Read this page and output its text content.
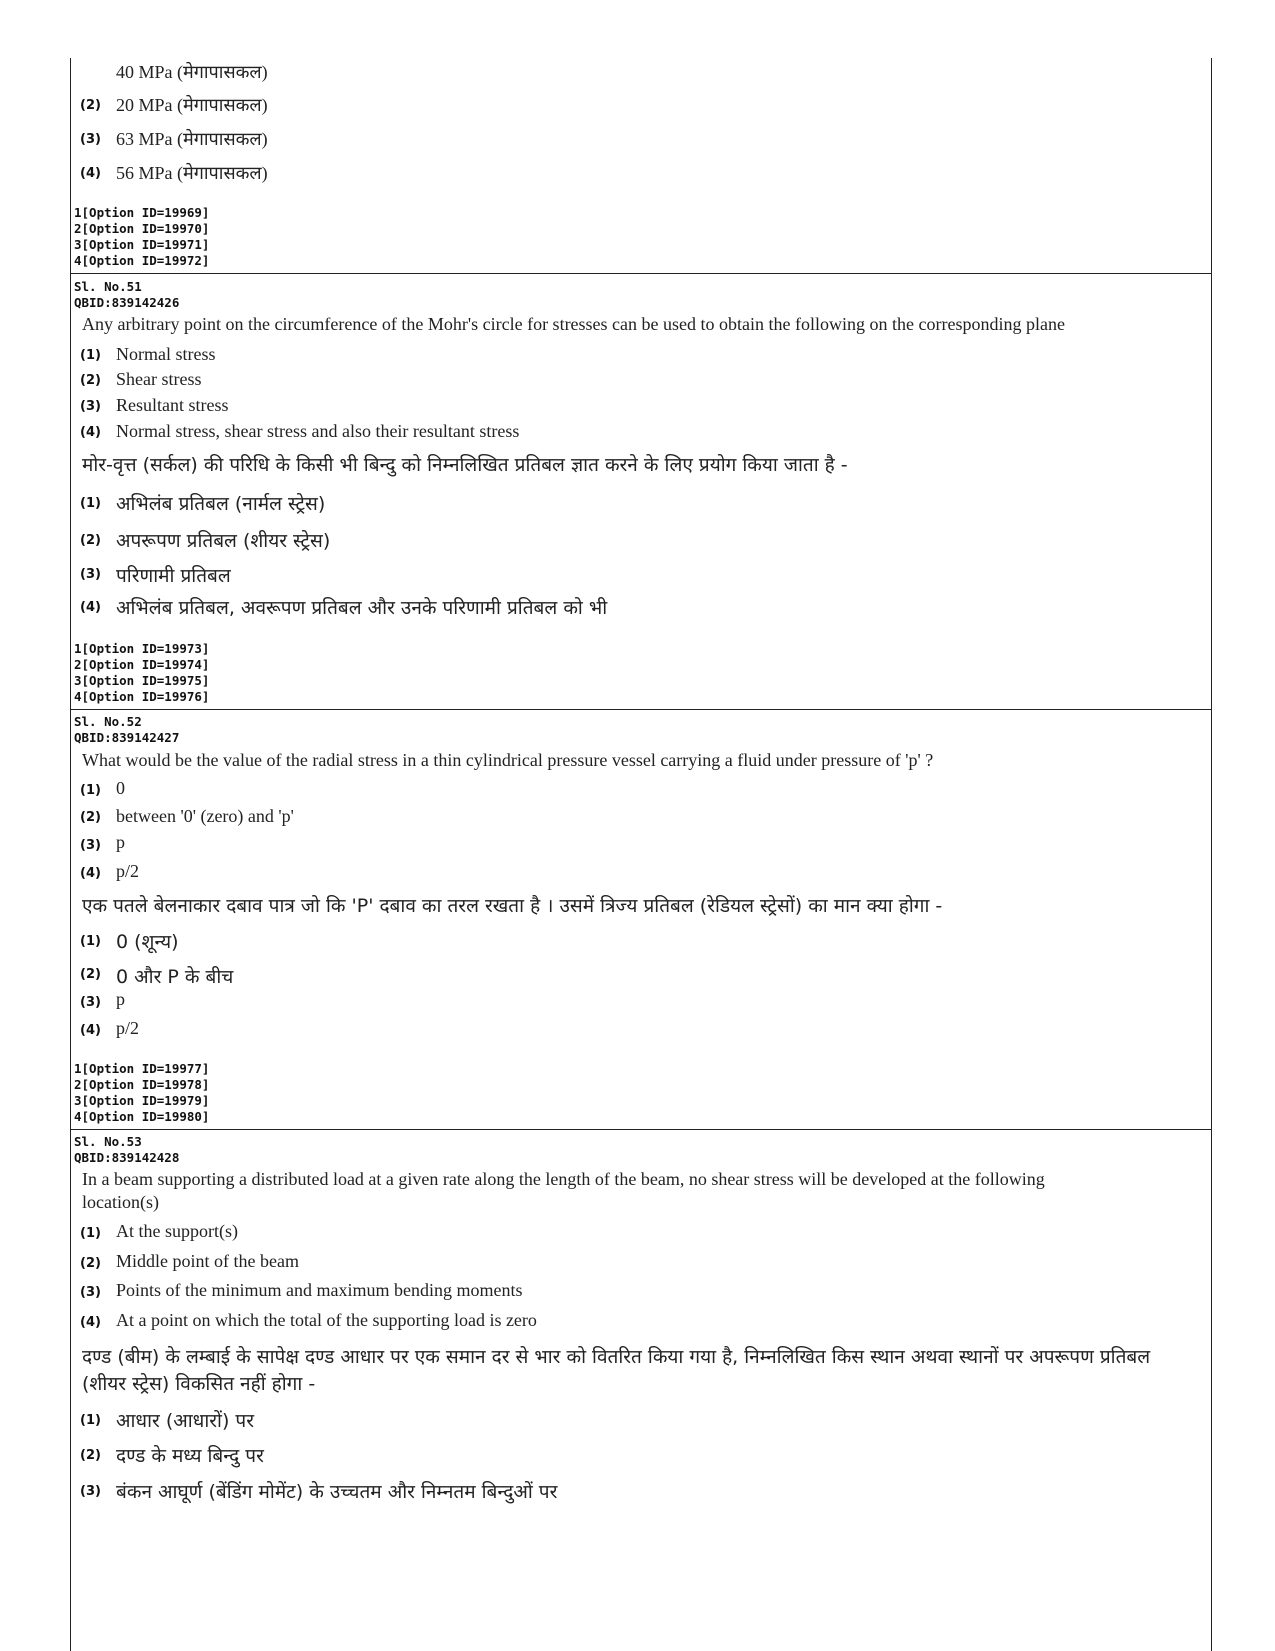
40 MPa (मेगापासकल)
(2) 20 MPa (मेगापासकल)
(3) 63 MPa (मेगापासकल)
(4) 56 MPa (मेगापासकल)
1[Option ID=19969]
2[Option ID=19970]
3[Option ID=19971]
4[Option ID=19972]
Sl. No.51
QBID:839142426
Any arbitrary point on the circumference of the Mohr's circle for stresses can be used to obtain the following on the corresponding plane
(1) Normal stress
(2) Shear stress
(3) Resultant stress
(4) Normal stress, shear stress and also their resultant stress
मोर-वृत्त (सर्कल) की परिधि के किसी भी बिन्दु को निम्नलिखित प्रतिबल ज्ञात करने के लिए प्रयोग किया जाता है -
(1) अभिलंब प्रतिबल (नार्मल स्ट्रेस)
(2) अपरूपण प्रतिबल (शीयर स्ट्रेस)
(3) परिणामी प्रतिबल
(4) अभिलंब प्रतिबल, अवरूपण प्रतिबल और उनके परिणामी प्रतिबल को भी
1[Option ID=19973]
2[Option ID=19974]
3[Option ID=19975]
4[Option ID=19976]
Sl. No.52
QBID:839142427
What would be the value of the radial stress in a thin cylindrical pressure vessel carrying a fluid under pressure of 'p' ?
(1) 0
(2) between '0' (zero) and 'p'
(3) p
(4) p/2
एक पतले बेलनाकार दबाव पात्र जो कि 'P' दबाव का तरल रखता है । उसमें त्रिज्य प्रतिबल (रेडियल स्ट्रेसों) का मान क्या होगा -
(1) 0 (शून्य)
(2) 0 और P के बीच
(3) p
(4) p/2
1[Option ID=19977]
2[Option ID=19978]
3[Option ID=19979]
4[Option ID=19980]
Sl. No.53
QBID:839142428
In a beam supporting a distributed load at a given rate along the length of the beam, no shear stress will be developed at the following location(s)
(1) At the support(s)
(2) Middle point of the beam
(3) Points of the minimum and maximum bending moments
(4) At a point on which the total of the supporting load is zero
दण्ड (बीम) के लम्बाई के सापेक्ष दण्ड आधार पर एक समान दर से भार को वितरित किया गया है, निम्नलिखित किस स्थान अथवा स्थानों पर अपरूपण प्रतिबल (शीयर स्ट्रेस) विकसित नहीं होगा -
(1) आधार (आधारों) पर
(2) दण्ड के मध्य बिन्दु पर
(3) बंकन आघूर्ण (बेंडिंग मोमेंट) के उच्चतम और निम्नतम बिन्दुओं पर
